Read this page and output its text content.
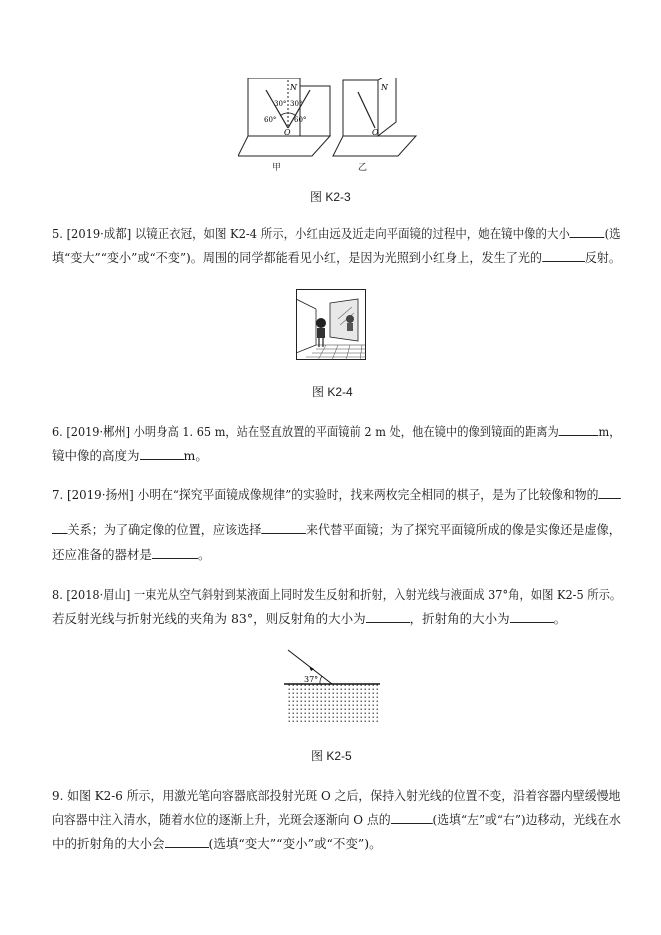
N
30° 30°
60°	60°
O
N
O
甲	乙
图 K2-3
5. [2019·成都] 以镜正衣冠，如图 K2-4 所示，小红由远及近走向平面镜的过程中，她在镜中像的大小	(选
填“变大”“变小”或“不变”)。周围的同学都能看见小红，是因为光照到小红身上，发生了光的	反射。
图 K2-4
6. [2019·郴州] 小明身高 1. 65 m，站在竖直放置的平面镜前 2 m 处，他在镜中的像到镜面的距离为	m，
镜中像的高度为	m。
7. [2019·扬州] 小明在“探究平面镜成像规律”的实验时，找来两枚完全相同的棋子，是为了比较像和物的
关系；为了确定像的位置，应该选择	来代替平面镜；为了探究平面镜所成的像是实像还是虚像，
还应准备的器材是	。
8. [2018·眉山] 一束光从空气斜射到某液面上同时发生反射和折射，入射光线与液面成 37°角，如图 K2-5 所示。
若反射光线与折射光线的夹角为 83°，则反射角的大小为	，折射角的大小为	。
37°
图 K2-5
9. 如图 K2-6 所示，用激光笔向容器底部投射光斑 O 之后，保持入射光线的位置不变，沿着容器内壁缓慢地
向容器中注入清水，随着水位的逐渐上升，光斑会逐渐向 O 点的	(选填“左”或“右”)边移动，光线在水
中的折射角的大小会	(选填“变大”“变小”或“不变”)。
